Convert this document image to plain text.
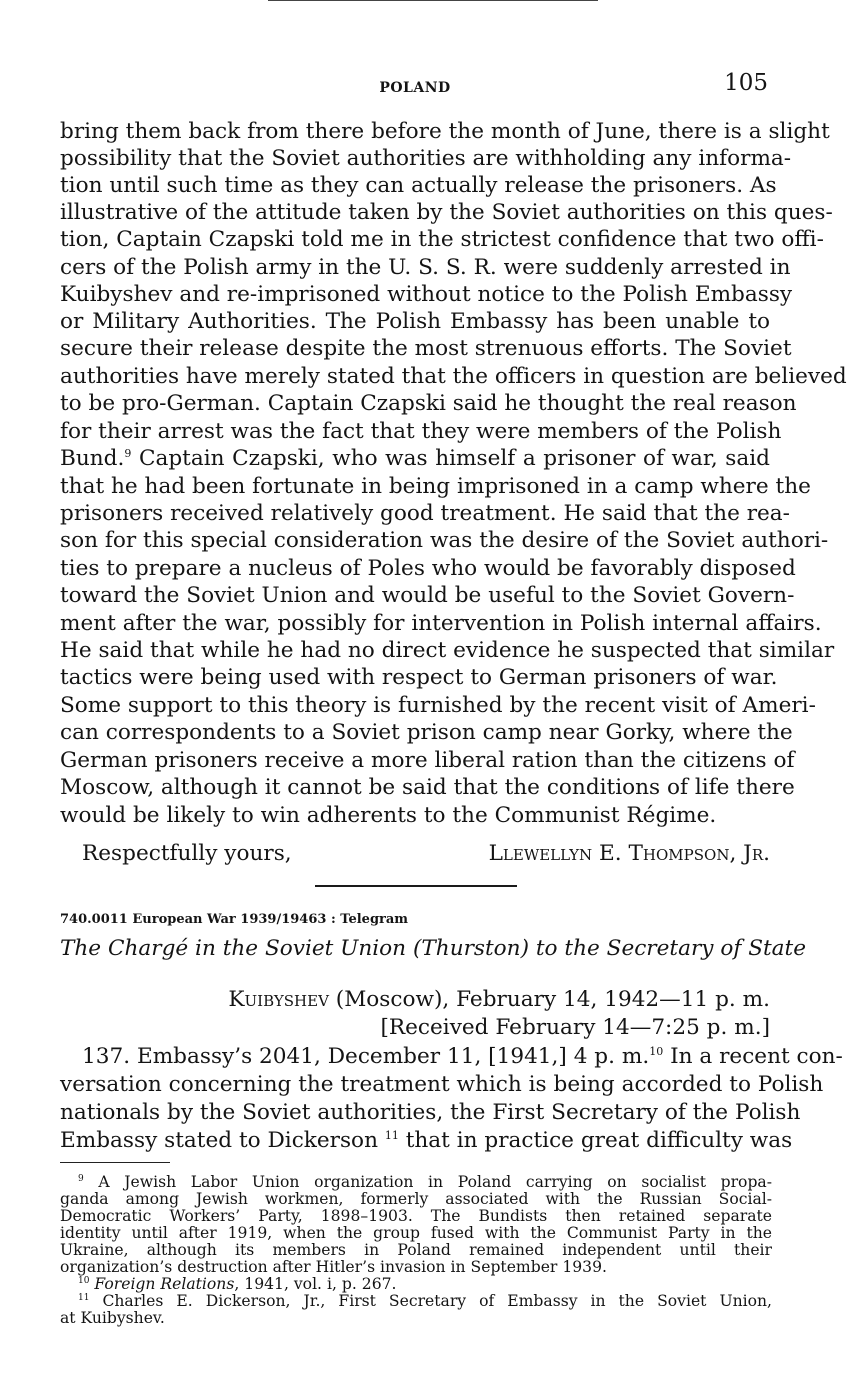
POLAND	105
bring them back from there before the month of June, there is a slight
possibility that the Soviet authorities are withholding any informa-
tion until such time as they can actually release the prisoners. As
illustrative of the attitude taken by the Soviet authorities on this ques-
tion, Captain Czapski told me in the strictest confidence that two offi-
cers of the Polish army in the U. S. S. R. were suddenly arrested in
Kuibyshev and re-imprisoned without notice to the Polish Embassy
or Military Authorities. The Polish Embassy has been unable to
secure their release despite the most strenuous efforts. The Soviet
authorities have merely stated that the officers in question are believed
to be pro-German. Captain Czapski said he thought the real reason
for their arrest was the fact that they were members of the Polish
Bund.$^9$ Captain Czapski, who was himself a prisoner of war, said
that he had been fortunate in being imprisoned in a camp where the
prisoners received relatively good treatment. He said that the rea-
son for this special consideration was the desire of the Soviet authori-
ties to prepare a nucleus of Poles who would be favorably disposed
toward the Soviet Union and would be useful to the Soviet Govern-
ment after the war, possibly for intervention in Polish internal affairs.
He said that while he had no direct evidence he suspected that similar
tactics were being used with respect to German prisoners of war.
Some support to this theory is furnished by the recent visit of Ameri-
can correspondents to a Soviet prison camp near Gorky, where the
German prisoners receive a more liberal ration than the citizens of
Moscow, although it cannot be said that the conditions of life there
would be likely to win adherents to the Communist Régime.
Respectfully yours,	Llewellyn E. Thompson, Jr.
740.0011 European War 1939/19463 : Telegram
The Chargé in the Soviet Union (Thurston) to the Secretary of State
Kuibyshev (Moscow), February 14, 1942—11 p. m.
[Received February 14—7:25 p. m.]
137. Embassy’s 2041, December 11, [1941,] 4 p. m.$^{10}$ In a recent con-
versation concerning the treatment which is being accorded to Polish
nationals by the Soviet authorities, the First Secretary of the Polish
Embassy stated to Dickerson $^{11}$ that in practice great difficulty was
$^9$ A Jewish Labor Union organization in Poland carrying on socialist propa-
ganda among Jewish workmen, formerly associated with the Russian Social-
Democratic Workers’ Party, 1898–1903. The Bundists then retained separate
identity until after 1919, when the group fused with the Communist Party in the
Ukraine, although its members in Poland remained independent until their
organization’s destruction after Hitler’s invasion in September 1939.
$^{10}$ Foreign Relations, 1941, vol. i, p. 267.
$^{11}$ Charles E. Dickerson, Jr., First Secretary of Embassy in the Soviet Union,
at Kuibyshev.
